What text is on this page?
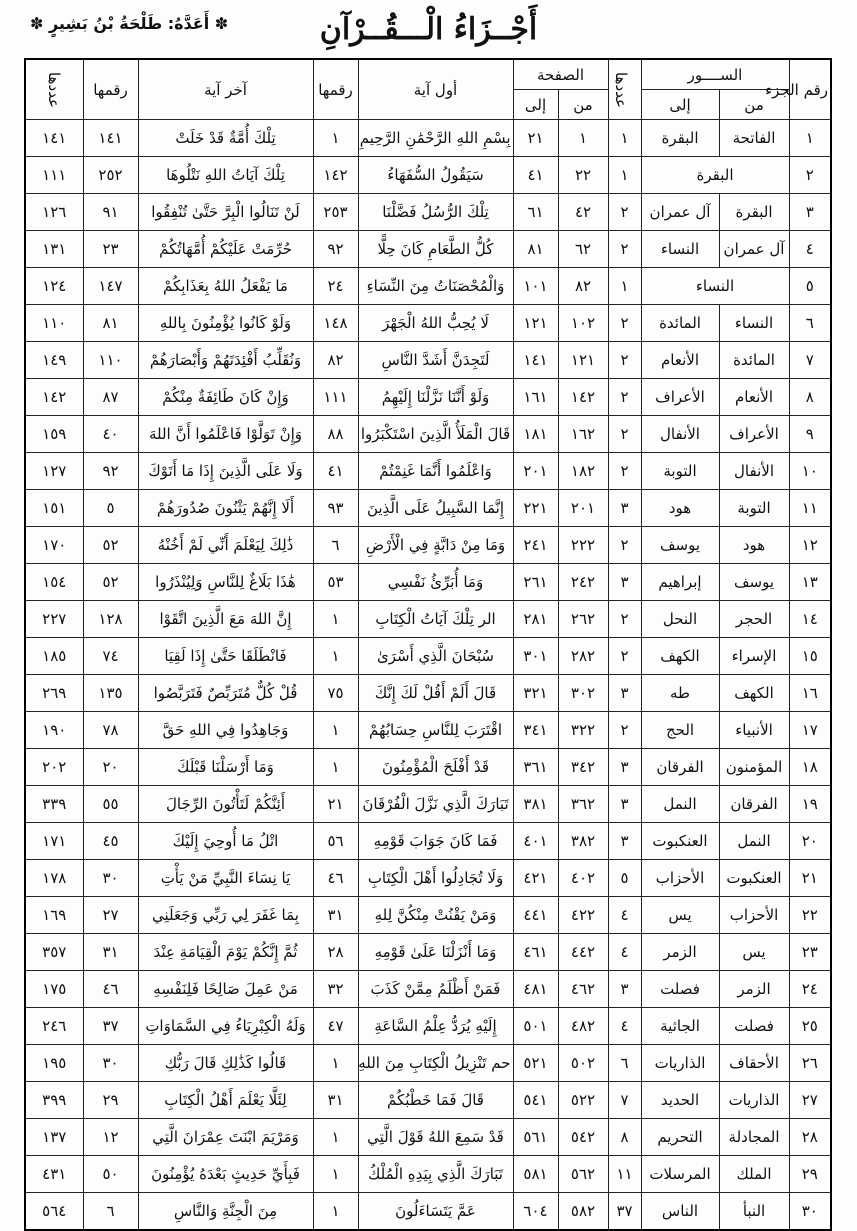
أَجْــزَاءُ الْـــقُــرْآنِ
✽ أَعَدَّهُ: طَلْحَةُ بْنُ بَشِيرٍ ✽
رقم الجزء	الســــور		عددها	الصفحة		أول آية	رقمها	آخر آية	رقمها	عددها
	من	إلى		من	إلى					
١	الفاتحة	البقرة	١	١	٢١	بِسْمِ اللهِ الرَّحْمَٰنِ الرَّحِيمِ	١	تِلْكَ أُمَّةٌ قَدْ خَلَتْ	١٤١	١٤١
٢	البقرة		١	٢٢	٤١	سَيَقُولُ السُّفَهَاءُ	١٤٢	تِلْكَ آيَاتُ اللهِ نَتْلُوهَا	٢٥٢	١١١
٣	البقرة	آل عمران	٢	٤٢	٦١	تِلْكَ الرُّسُلُ فَضَّلْنَا	٢٥٣	لَنْ تَنَالُوا الْبِرَّ حَتَّىٰ تُنْفِقُوا	٩١	١٢٦
٤	آل عمران	النساء	٢	٦٢	٨١	كُلُّ الطَّعَامِ كَانَ حِلًّا	٩٢	حُرِّمَتْ عَلَيْكُمْ أُمَّهَاتُكُمْ	٢٣	١٣١
٥	النساء		١	٨٢	١٠١	وَالْمُحْصَنَاتُ مِنَ النِّسَاءِ	٢٤	مَا يَفْعَلُ اللهُ بِعَذَابِكُمْ	١٤٧	١٢٤
٦	النساء	المائدة	٢	١٠٢	١٢١	لَا يُحِبُّ اللهُ الْجَهْرَ	١٤٨	وَلَوْ كَانُوا يُؤْمِنُونَ بِاللهِ	٨١	١١٠
٧	المائدة	الأنعام	٢	١٢١	١٤١	لَتَجِدَنَّ أَشَدَّ النَّاسِ	٨٢	وَنُقَلِّبُ أَفْئِدَتَهُمْ وَأَبْصَارَهُمْ	١١٠	١٤٩
٨	الأنعام	الأعراف	٢	١٤٢	١٦١	وَلَوْ أَنَّنَا نَزَّلْنَا إِلَيْهِمُ	١١١	وَإِنْ كَانَ طَائِفَةٌ مِنْكُمْ	٨٧	١٤٢
٩	الأعراف	الأنفال	٢	١٦٢	١٨١	قَالَ الْمَلَأُ الَّذِينَ اسْتَكْبَرُوا	٨٨	وَإِنْ تَوَلَّوْا فَاعْلَمُوا أَنَّ اللهَ	٤٠	١٥٩
١٠	الأنفال	التوبة	٢	١٨٢	٢٠١	وَاعْلَمُوا أَنَّمَا غَنِمْتُمْ	٤١	وَلَا عَلَى الَّذِينَ إِذَا مَا أَتَوْكَ	٩٢	١٢٧
١١	التوبة	هود	٣	٢٠١	٢٢١	إِنَّمَا السَّبِيلُ عَلَى الَّذِينَ	٩٣	أَلَا إِنَّهُمْ يَثْنُونَ صُدُورَهُمْ	٥	١٥١
١٢	هود	يوسف	٢	٢٢٢	٢٤١	وَمَا مِنْ دَابَّةٍ فِي الْأَرْضِ	٦	ذَٰلِكَ لِيَعْلَمَ أَنِّي لَمْ أَخُنْهُ	٥٢	١٧٠
١٣	يوسف	إبراهيم	٣	٢٤٢	٢٦١	وَمَا أُبَرِّئُ نَفْسِي	٥٣	هَٰذَا بَلَاغٌ لِلنَّاسِ وَلِيُنْذَرُوا	٥٢	١٥٤
١٤	الحجر	النحل	٢	٢٦٢	٢٨١	الر تِلْكَ آيَاتُ الْكِتَابِ	١	إِنَّ اللهَ مَعَ الَّذِينَ اتَّقَوْا	١٢٨	٢٢٧
١٥	الإسراء	الكهف	٢	٢٨٢	٣٠١	سُبْحَانَ الَّذِي أَسْرَىٰ	١	فَانْطَلَقَا حَتَّىٰ إِذَا لَقِيَا	٧٤	١٨٥
١٦	الكهف	طه	٣	٣٠٢	٣٢١	قَالَ أَلَمْ أَقُلْ لَكَ إِنَّكَ	٧٥	قُلْ كُلٌّ مُتَرَبِّصٌ فَتَرَبَّصُوا	١٣٥	٢٦٩
١٧	الأنبياء	الحج	٢	٣٢٢	٣٤١	اقْتَرَبَ لِلنَّاسِ حِسَابُهُمْ	١	وَجَاهِدُوا فِي اللهِ حَقَّ	٧٨	١٩٠
١٨	المؤمنون	الفرقان	٣	٣٤٢	٣٦١	قَدْ أَفْلَحَ الْمُؤْمِنُونَ	١	وَمَا أَرْسَلْنَا قَبْلَكَ	٢٠	٢٠٢
١٩	الفرقان	النمل	٣	٣٦٢	٣٨١	تَبَارَكَ الَّذِي نَزَّلَ الْفُرْقَانَ	٢١	أَئِنَّكُمْ لَتَأْتُونَ الرِّجَالَ	٥٥	٣٣٩
٢٠	النمل	العنكبوت	٣	٣٨٢	٤٠١	فَمَا كَانَ جَوَابَ قَوْمِهِ	٥٦	اتْلُ مَا أُوحِيَ إِلَيْكَ	٤٥	١٧١
٢١	العنكبوت	الأحزاب	٥	٤٠٢	٤٢١	وَلَا تُجَادِلُوا أَهْلَ الْكِتَابِ	٤٦	يَا نِسَاءَ النَّبِيِّ مَنْ يَأْتِ	٣٠	١٧٨
٢٢	الأحزاب	يس	٤	٤٢٢	٤٤١	وَمَنْ يَقْنُتْ مِنْكُنَّ لِلهِ	٣١	بِمَا غَفَرَ لِي رَبِّي وَجَعَلَنِي	٢٧	١٦٩
٢٣	يس	الزمر	٤	٤٤٢	٤٦١	وَمَا أَنْزَلْنَا عَلَىٰ قَوْمِهِ	٢٨	ثُمَّ إِنَّكُمْ يَوْمَ الْقِيَامَةِ عِنْدَ	٣١	٣٥٧
٢٤	الزمر	فصلت	٣	٤٦٢	٤٨١	فَمَنْ أَظْلَمُ مِمَّنْ كَذَبَ	٣٢	مَنْ عَمِلَ صَالِحًا فَلِنَفْسِهِ	٤٦	١٧٥
٢٥	فصلت	الجاثية	٤	٤٨٢	٥٠١	إِلَيْهِ يُرَدُّ عِلْمُ السَّاعَةِ	٤٧	وَلَهُ الْكِبْرِيَاءُ فِي السَّمَاوَاتِ	٣٧	٢٤٦
٢٦	الأحقاف	الذاريات	٦	٥٠٢	٥٢١	حم تَنْزِيلُ الْكِتَابِ مِنَ اللهِ	١	قَالُوا كَذَٰلِكِ قَالَ رَبُّكِ	٣٠	١٩٥
٢٧	الذاريات	الحديد	٧	٥٢٢	٥٤١	قَالَ فَمَا خَطْبُكُمْ	٣١	لِئَلَّا يَعْلَمَ أَهْلُ الْكِتَابِ	٢٩	٣٩٩
٢٨	المجادلة	التحريم	٨	٥٤٢	٥٦١	قَدْ سَمِعَ اللهُ قَوْلَ الَّتِي	١	وَمَرْيَمَ ابْنَتَ عِمْرَانَ الَّتِي	١٢	١٣٧
٢٩	الملك	المرسلات	١١	٥٦٢	٥٨١	تَبَارَكَ الَّذِي بِيَدِهِ الْمُلْكُ	١	فَبِأَيِّ حَدِيثٍ بَعْدَهُ يُؤْمِنُونَ	٥٠	٤٣١
٣٠	النبأ	الناس	٣٧	٥٨٢	٦٠٤	عَمَّ يَتَسَاءَلُونَ	١	مِنَ الْجِنَّةِ وَالنَّاسِ	٦	٥٦٤
